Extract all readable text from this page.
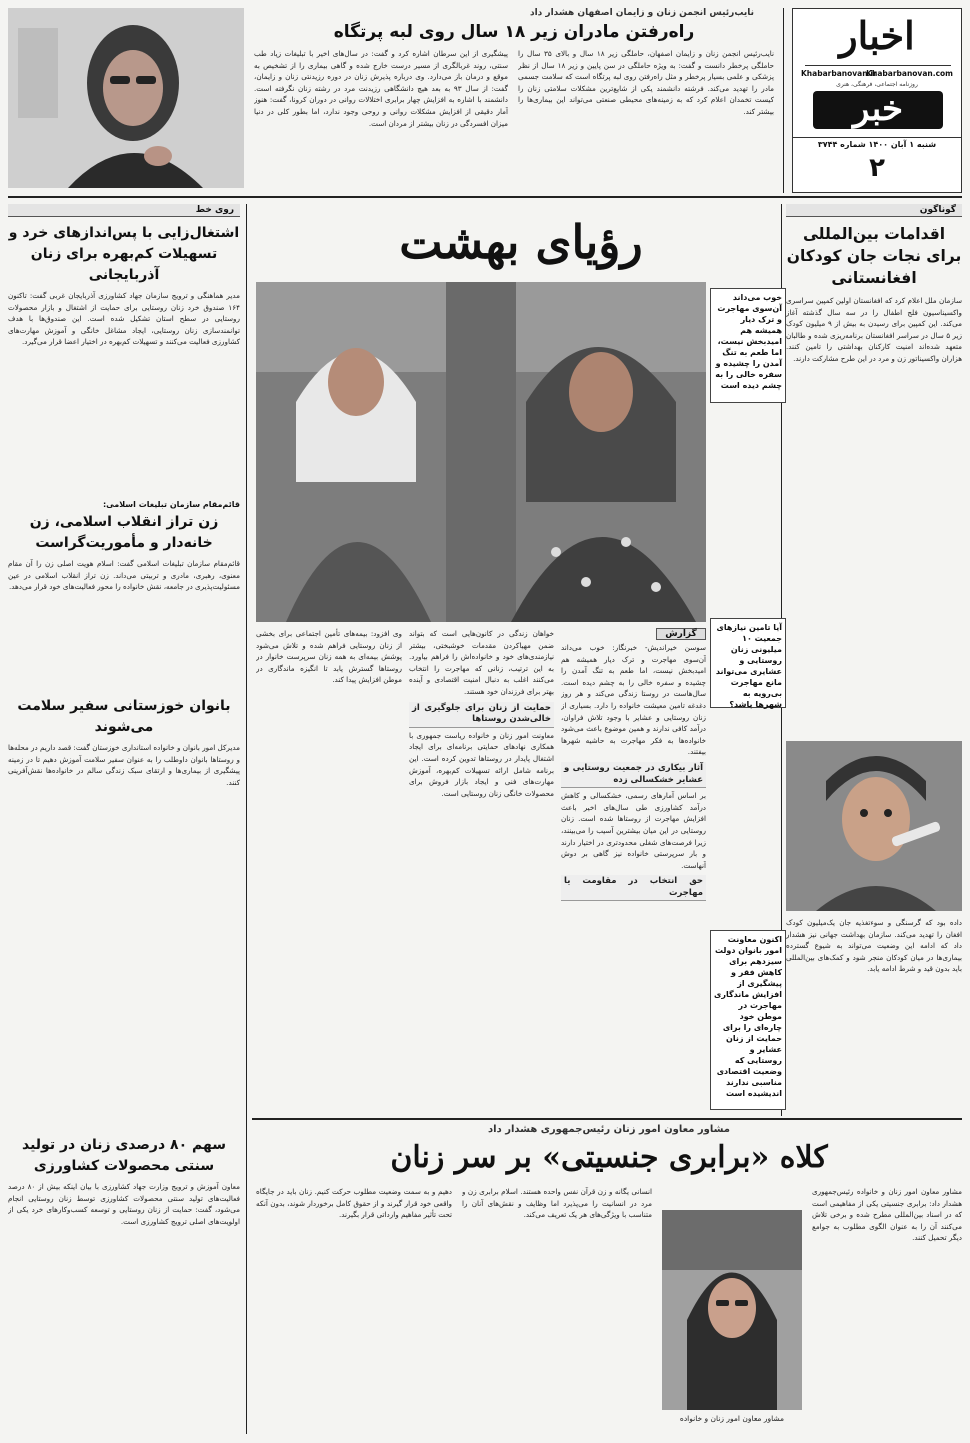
اخبار
Khabarbanovan.com
Khabarbanovan.ir
روزنامه اجتماعی، فرهنگی، هنری
خبر
شنبه ۱ آبان ۱۴۰۰ شماره ۳۷۴۴
۲
نایب‌رئیس انجمن زنان و زایمان اصفهان هشدار داد
راه‌رفتن مادران زیر ۱۸ سال روی لبه پرتگاه
نایب‌رئیس انجمن زنان و زایمان اصفهان، حاملگی زیر ۱۸ سال و بالای ۳۵ سال را حاملگی پرخطر دانست و گفت: به ویژه حاملگی در سن پایین و زیر ۱۸ سال از نظر پزشکی و علمی بسیار پرخطر و مثل راه‌رفتن روی لبه پرتگاه است که سلامت جسمی مادر را تهدید می‌کند. فرشته دانشمند یکی از شایع‌ترین مشکلات سلامتی زنان را کیست تخمدان اعلام کرد که به زمینه‌های محیطی صنعتی می‌تواند این بیماری‌ها را بیشتر کند.
پیشگیری از این سرطان اشاره کرد و گفت: در سال‌های اخیر با تبلیغات زیاد طب سنتی، روند غربالگری از مسیر درست خارج شده و گاهی بیماری را از تشخیص به موقع و درمان باز می‌دارد. وی درباره پذیرش زنان در دوره رزیدنتی زنان و زایمان، گفت: از سال ۹۳ به بعد هیچ دانشگاهی رزیدنت مرد در رشته زنان نگرفته است. دانشمند با اشاره به افزایش چهار برابری اختلالات روانی در دوران کرونا، گفت: هنوز آمار دقیقی از افزایش مشکلات روانی و روحی وجود ندارد، اما بطور کلی در دنیا میزان افسردگی در زنان بیشتر از مردان است.
گوناگون
اقدامات بین‌المللی برای نجات جان کودکان افغانستانی
سازمان ملل اعلام کرد که افغانستان اولین کمپین سراسری واکسیناسیون فلج اطفال را در سه سال گذشته آغاز می‌کند. این کمپین برای رسیدن به بیش از ۹ میلیون کودک زیر ۵ سال در سراسر افغانستان برنامه‌ریزی شده و طالبان متعهد شده‌اند امنیت کارکنان بهداشتی را تامین کنند. هزاران واکسیناتور زن و مرد در این طرح مشارکت دارند.
داده بود که گرسنگی و سوءتغذیه جان یک‌میلیون کودک افغان را تهدید می‌کند. سازمان بهداشت جهانی نیز هشدار داد که ادامه این وضعیت می‌تواند به شیوع گسترده بیماری‌ها در میان کودکان منجر شود و کمک‌های بین‌المللی باید بدون قید و شرط ادامه یابد.
روی خط
اشتغال‌زایی با پس‌اندازهای خرد و تسهیلات کم‌بهره برای زنان آذربایجانی
مدیر هماهنگی و ترویج سازمان جهاد کشاورزی آذربایجان غربی گفت: تاکنون ۱۶۴ صندوق خرد زنان روستایی برای حمایت از اشتغال و بازار محصولات روستایی در سطح استان تشکیل شده است. این صندوق‌ها با هدف توانمندسازی زنان روستایی، ایجاد مشاغل خانگی و آموزش مهارت‌های کشاورزی فعالیت می‌کنند و تسهیلات کم‌بهره در اختیار اعضا قرار می‌گیرد.
قائم‌مقام سازمان تبلیغات اسلامی:
زن تراز انقلاب اسلامی، زن خانه‌دار و مأموریت‌گراست
قائم‌مقام سازمان تبلیغات اسلامی گفت: اسلام هویت اصلی زن را آن مقام معنوی، رهبری، مادری و تربیتی می‌داند. زن تراز انقلاب اسلامی در عین مسئولیت‌پذیری در جامعه، نقش خانواده را محور فعالیت‌های خود قرار می‌دهد.
بانوان خوزستانی سفیر سلامت می‌شوند
مدیرکل امور بانوان و خانواده استانداری خوزستان گفت: قصد داریم در محله‌ها و روستاها بانوان داوطلب را به عنوان سفیر سلامت آموزش دهیم تا در زمینه پیشگیری از بیماری‌ها و ارتقای سبک زندگی سالم در خانواده‌ها نقش‌آفرینی کنند.
سهم ۸۰ درصدی زنان در تولید سنتی محصولات کشاورزی
معاون آموزش و ترویج وزارت جهاد کشاورزی با بیان اینکه بیش از ۸۰ درصد فعالیت‌های تولید سنتی محصولات کشاورزی توسط زنان روستایی انجام می‌شود، گفت: حمایت از زنان روستایی و توسعه کسب‌وکارهای خرد یکی از اولویت‌های اصلی ترویج کشاورزی است.
رؤیای بهشت
خوب می‌داند آن‌سوی مهاجرت و ترک دیار همیشه هم امیدبخش نیست، اما طعم به تنگ آمدن را چشیده و سفره خالی را به چشم دیده است
گزارش
سوسن خیراندیش- خبرنگار: خوب می‌داند آن‌سوی مهاجرت و ترک دیار همیشه هم امیدبخش نیست، اما طعم به تنگ آمدن را چشیده و سفره خالی را به چشم دیده است. سال‌هاست در روستا زندگی می‌کند و هر روز دغدغه تامین معیشت خانواده را دارد. بسیاری از زنان روستایی و عشایر با وجود تلاش فراوان، درآمد کافی ندارند و همین موضوع باعث می‌شود خانواده‌ها به فکر مهاجرت به حاشیه شهرها بیفتند.
آثار بیکاری در جمعیت روستایی و عشایر خشکسالی زده
بر اساس آمارهای رسمی، خشکسالی و کاهش درآمد کشاورزی طی سال‌های اخیر باعث افزایش مهاجرت از روستاها شده است. زنان روستایی در این میان بیشترین آسیب را می‌بینند، زیرا فرصت‌های شغلی محدودتری در اختیار دارند و بار سرپرستی خانواده نیز گاهی بر دوش آنهاست.
حق انتخاب در مقاومت یا مهاجرت
خواهان زندگی در کانون‌هایی است که بتواند ضمن مهیاکردن مقدمات خوشبختی، بیشتر نیازمندی‌های خود و خانواده‌اش را فراهم بیاورد. به این ترتیب، زنانی که مهاجرت را انتخاب می‌کنند اغلب به دنبال امنیت اقتصادی و آینده بهتر برای فرزندان خود هستند.
حمایت از زنان برای جلوگیری از خالی‌شدن روستاها
معاونت امور زنان و خانواده ریاست جمهوری با همکاری نهادهای حمایتی برنامه‌ای برای ایجاد اشتغال پایدار در روستاها تدوین کرده است. این برنامه شامل ارائه تسهیلات کم‌بهره، آموزش مهارت‌های فنی و ایجاد بازار فروش برای محصولات خانگی زنان روستایی است.
وی افزود: بیمه‌های تأمین اجتماعی برای بخشی از زنان روستایی فراهم شده و تلاش می‌شود پوشش بیمه‌ای به همه زنان سرپرست خانوار در روستاها گسترش یابد تا انگیزه ماندگاری در موطن افزایش پیدا کند.
آیا تامین نیازهای جمعیت ۱۰ میلیونی زنان روستایی و عشایری می‌تواند مانع مهاجرت بی‌رویه به شهرها باشد؟
اکنون معاونت امور بانوان دولت سیزدهم برای کاهش فقر و پیشگیری از افزایش ماندگاری مهاجرت در موطن خود چاره‌ای را برای حمایت از زنان عشایر و روستایی که وضعیت اقتصادی مناسبی ندارند اندیشیده است
مشاور معاون امور زنان رئیس‌جمهوری هشدار داد
کلاه «برابری جنسیتی» بر سر زنان
مشاور معاون امور زنان و خانواده رئیس‌جمهوری هشدار داد: برابری جنسیتی یکی از مفاهیمی است که در اسناد بین‌المللی مطرح شده و برخی تلاش می‌کنند آن را به عنوان الگوی مطلوب به جوامع دیگر تحمیل کنند.
مشاور معاون امور زنان و خانواده
انسانی یگانه و زن قرآن نفس واحده هستند. اسلام برابری زن و مرد در انسانیت را می‌پذیرد اما وظایف و نقش‌های آنان را متناسب با ویژگی‌های هر یک تعریف می‌کند.
دهیم و به سمت وضعیت مطلوب حرکت کنیم. زنان باید در جایگاه واقعی خود قرار گیرند و از حقوق کامل برخوردار شوند، بدون آنکه تحت تأثیر مفاهیم وارداتی قرار بگیرند.
